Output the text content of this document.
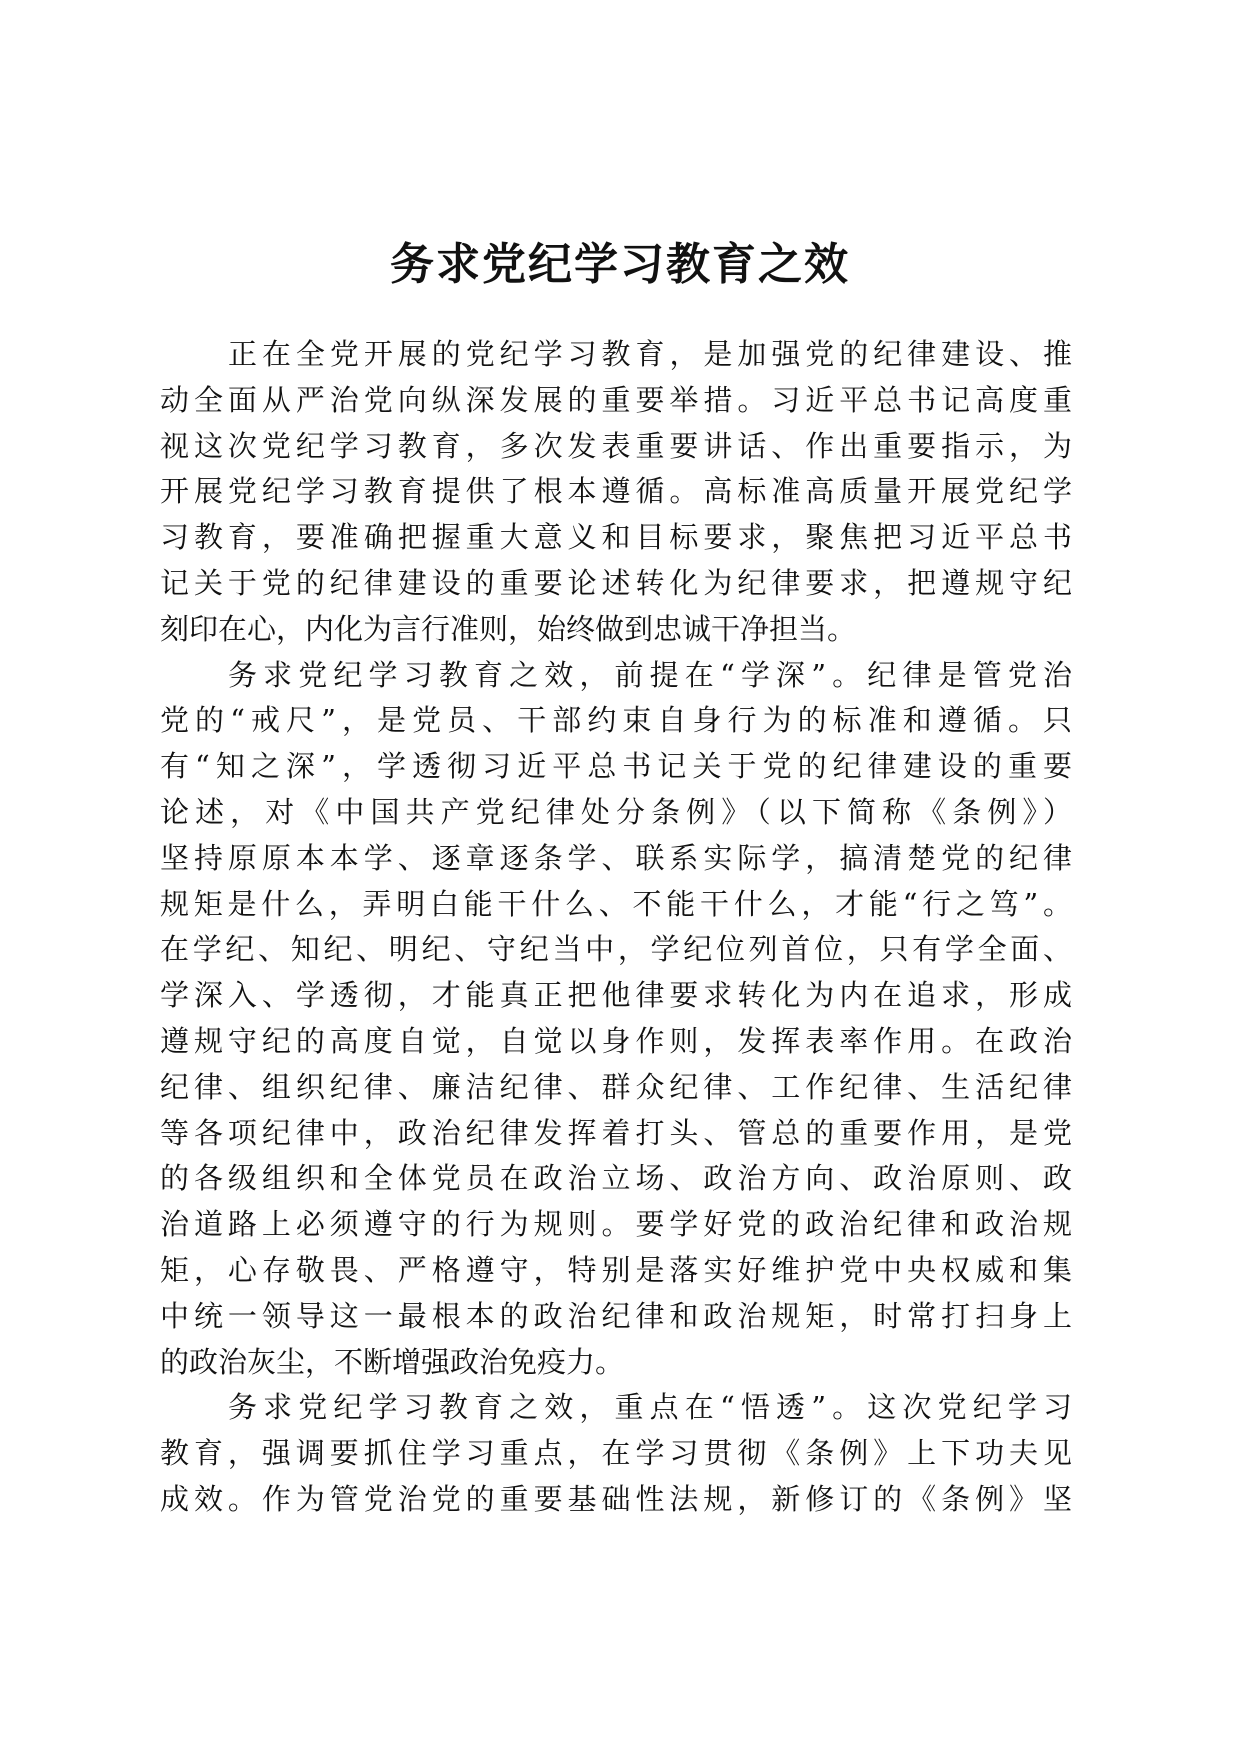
务求党纪学习教育之效
正在全党开展的党纪学习教育，是加强党的纪律建设、推
动全面从严治党向纵深发展的重要举措。习近平总书记高度重
视这次党纪学习教育，多次发表重要讲话、作出重要指示，为
开展党纪学习教育提供了根本遵循。高标准高质量开展党纪学
习教育，要准确把握重大意义和目标要求，聚焦把习近平总书
记关于党的纪律建设的重要论述转化为纪律要求，把遵规守纪
刻印在心，内化为言行准则，始终做到忠诚干净担当。
务求党纪学习教育之效，前提在“学深”。纪律是管党治
党的“戒尺”，是党员、干部约束自身行为的标准和遵循。只
有“知之深”，学透彻习近平总书记关于党的纪律建设的重要
论述，对《中国共产党纪律处分条例》（以下简称《条例》）
坚持原原本本学、逐章逐条学、联系实际学，搞清楚党的纪律
规矩是什么，弄明白能干什么、不能干什么，才能“行之笃”。
在学纪、知纪、明纪、守纪当中，学纪位列首位，只有学全面、
学深入、学透彻，才能真正把他律要求转化为内在追求，形成
遵规守纪的高度自觉，自觉以身作则，发挥表率作用。在政治
纪律、组织纪律、廉洁纪律、群众纪律、工作纪律、生活纪律
等各项纪律中，政治纪律发挥着打头、管总的重要作用，是党
的各级组织和全体党员在政治立场、政治方向、政治原则、政
治道路上必须遵守的行为规则。要学好党的政治纪律和政治规
矩，心存敬畏、严格遵守，特别是落实好维护党中央权威和集
中统一领导这一最根本的政治纪律和政治规矩，时常打扫身上
的政治灰尘，不断增强政治免疫力。
务求党纪学习教育之效，重点在“悟透”。这次党纪学习
教育，强调要抓住学习重点，在学习贯彻《条例》上下功夫见
成效。作为管党治党的重要基础性法规，新修订的《条例》坚
